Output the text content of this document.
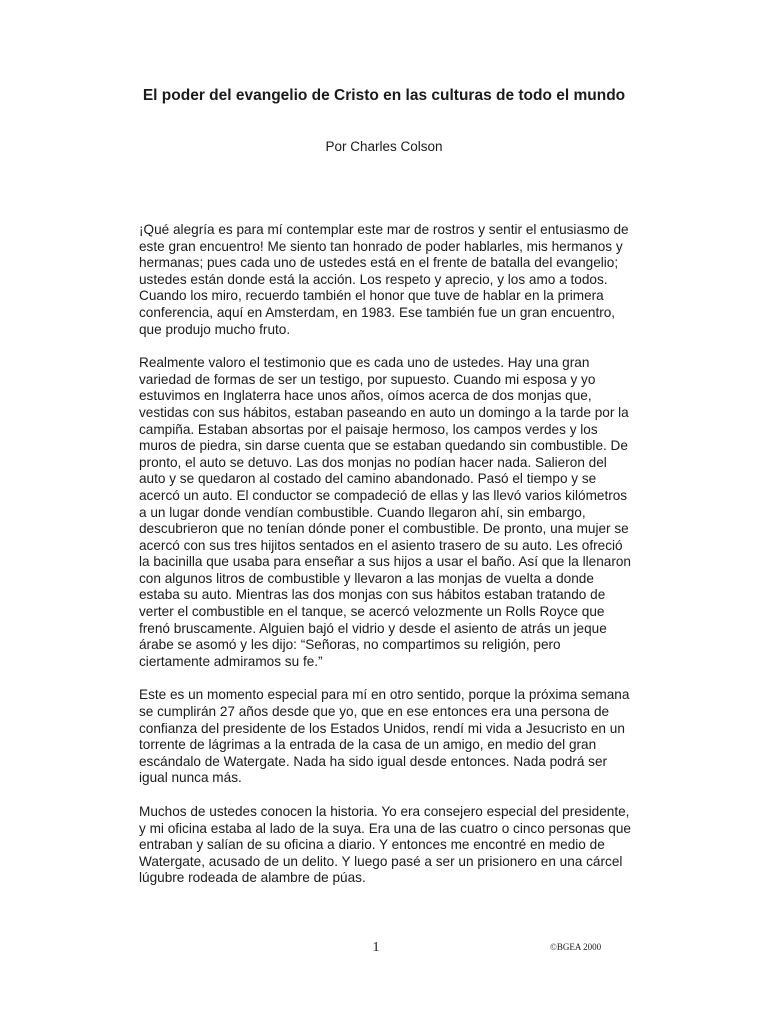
El poder del evangelio de Cristo en las culturas de todo el mundo
Por Charles Colson

¡Qué alegría es para mí contemplar este mar de rostros y sentir el entusiasmo de este gran encuentro! Me siento tan honrado de poder hablarles, mis hermanos y hermanas; pues cada uno de ustedes está en el frente de batalla del evangelio; ustedes están donde está la acción. Los respeto y aprecio, y los amo a todos. Cuando los miro, recuerdo también el honor que tuve de hablar en la primera conferencia, aquí en Amsterdam, en 1983. Ese también fue un gran encuentro, que produjo mucho fruto.

Realmente valoro el testimonio que es cada uno de ustedes. Hay una gran variedad de formas de ser un testigo, por supuesto. Cuando mi esposa y yo estuvimos en Inglaterra hace unos años, oímos acerca de dos monjas que, vestidas con sus hábitos, estaban paseando en auto un domingo a la tarde por la campiña. Estaban absortas por el paisaje hermoso, los campos verdes y los muros de piedra, sin darse cuenta que se estaban quedando sin combustible. De pronto, el auto se detuvo. Las dos monjas no podían hacer nada. Salieron del auto y se quedaron al costado del camino abandonado. Pasó el tiempo y se acercó un auto. El conductor se compadeció de ellas y las llevó varios kilómetros a un lugar donde vendían combustible. Cuando llegaron ahí, sin embargo, descubrieron que no tenían dónde poner el combustible. De pronto, una mujer se acercó con sus tres hijitos sentados en el asiento trasero de su auto. Les ofreció la bacinilla que usaba para enseñar a sus hijos a usar el baño. Así que la llenaron con algunos litros de combustible y llevaron a las monjas de vuelta a donde estaba su auto. Mientras las dos monjas con sus hábitos estaban tratando de verter el combustible en el tanque, se acercó velozmente un Rolls Royce que frenó bruscamente. Alguien bajó el vidrio y desde el asiento de atrás un jeque árabe se asomó y les dijo: “Señoras, no compartimos su religión, pero ciertamente admiramos su fe.”

Este es un momento especial para mí en otro sentido, porque la próxima semana se cumplirán 27 años desde que yo, que en ese entonces era una persona de confianza del presidente de los Estados Unidos, rendí mi vida a Jesucristo en un torrente de lágrimas a la entrada de la casa de un amigo, en medio del gran escándalo de Watergate. Nada ha sido igual desde entonces. Nada podrá ser igual nunca más.

Muchos de ustedes conocen la historia. Yo era consejero especial del presidente, y mi oficina estaba al lado de la suya. Era una de las cuatro o cinco personas que entraban y salían de su oficina a diario. Y entonces me encontré en medio de Watergate, acusado de un delito. Y luego pasé a ser un prisionero en una cárcel lúgubre rodeada de alambre de púas.

1	©BGEA 2000
